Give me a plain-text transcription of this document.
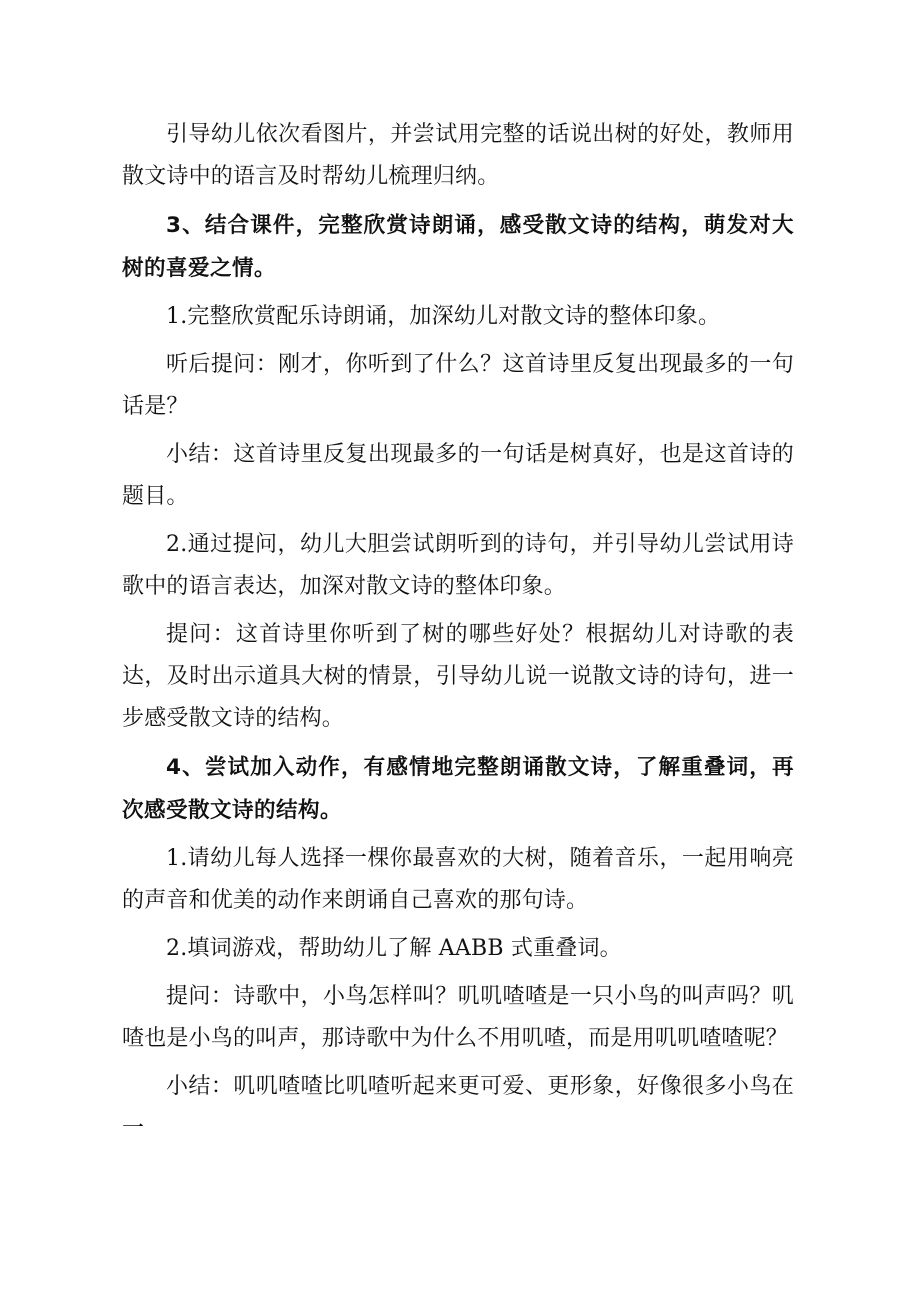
引导幼儿依次看图片，并尝试用完整的话说出树的好处，教师用散文诗中的语言及时帮幼儿梳理归纳。

3、结合课件，完整欣赏诗朗诵，感受散文诗的结构，萌发对大树的喜爱之情。

1.完整欣赏配乐诗朗诵，加深幼儿对散文诗的整体印象。

听后提问：刚才，你听到了什么？这首诗里反复出现最多的一句话是？

小结：这首诗里反复出现最多的一句话是树真好，也是这首诗的题目。

2.通过提问，幼儿大胆尝试朗听到的诗句，并引导幼儿尝试用诗歌中的语言表达，加深对散文诗的整体印象。

提问：这首诗里你听到了树的哪些好处？根据幼儿对诗歌的表达，及时出示道具大树的情景，引导幼儿说一说散文诗的诗句，进一步感受散文诗的结构。

4、尝试加入动作，有感情地完整朗诵散文诗，了解重叠词，再次感受散文诗的结构。

1.请幼儿每人选择一棵你最喜欢的大树，随着音乐，一起用响亮的声音和优美的动作来朗诵自己喜欢的那句诗。

2.填词游戏，帮助幼儿了解 AABB 式重叠词。

提问：诗歌中，小鸟怎样叫？叽叽喳喳是一只小鸟的叫声吗？叽喳也是小鸟的叫声，那诗歌中为什么不用叽喳，而是用叽叽喳喳呢？

小结：叽叽喳喳比叽喳听起来更可爱、更形象，好像很多小鸟在一
